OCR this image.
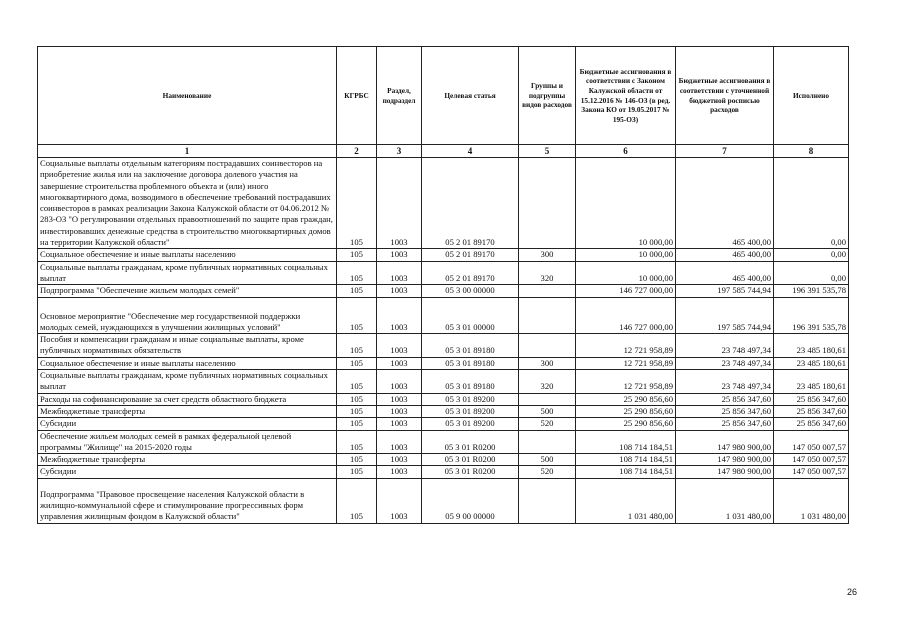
Наименование	КГРБС	Раздел, подраздел	Целевая статья	Группы и подгруппы видов расходов	Бюджетные ассигнования в соответствии с Законом Калужской области от 15.12.2016 № 146-ОЗ (в ред. Закона КО от 19.05.2017 № 195-ОЗ)	Бюджетные ассигнования в соответствии с уточненной бюджетной росписью расходов	Исполнено
1	2	3	4	5	6	7	8
Социальные выплаты отдельным категориям пострадавших соинвесторов на приобретение жилья или на заключение договора долевого участия на завершение строительства проблемного объекта и (или) иного многоквартирного дома, возводимого в обеспечение требований пострадавших соинвесторов в рамках реализации Закона Калужской области от 04.06.2012 № 283-ОЗ "О регулировании отдельных правоотношений по защите прав граждан, инвестировавших денежные средства в строительство многоквартирных домов на территории Калужской области"	105	1003	05 2 01 89170		10 000,00	465 400,00	0,00
Социальное обеспечение и иные выплаты населению	105	1003	05 2 01 89170	300	10 000,00	465 400,00	0,00
Социальные выплаты гражданам, кроме публичных нормативных социальных выплат	105	1003	05 2 01 89170	320	10 000,00	465 400,00	0,00
Подпрограмма "Обеспечение жильем молодых семей"	105	1003	05 3 00 00000		146 727 000,00	197 585 744,94	196 391 535,78
Основное мероприятие "Обеспечение мер государственной поддержки молодых семей, нуждающихся в улучшении жилищных условий"	105	1003	05 3 01 00000		146 727 000,00	197 585 744,94	196 391 535,78
Пособия и компенсации гражданам и иные социальные выплаты, кроме публичных нормативных обязательств	105	1003	05 3 01 89180		12 721 958,89	23 748 497,34	23 485 180,61
Социальное обеспечение и иные выплаты населению	105	1003	05 3 01 89180	300	12 721 958,89	23 748 497,34	23 485 180,61
Социальные выплаты гражданам, кроме публичных нормативных социальных выплат	105	1003	05 3 01 89180	320	12 721 958,89	23 748 497,34	23 485 180,61
Расходы на софинансирование за счет средств областного бюджета	105	1003	05 3 01 89200		25 290 856,60	25 856 347,60	25 856 347,60
Межбюджетные трансферты	105	1003	05 3 01 89200	500	25 290 856,60	25 856 347,60	25 856 347,60
Субсидии	105	1003	05 3 01 89200	520	25 290 856,60	25 856 347,60	25 856 347,60
Обеспечение жильем молодых семей в рамках федеральной целевой программы "Жилище" на 2015-2020 годы	105	1003	05 3 01 R0200		108 714 184,51	147 980 900,00	147 050 007,57
Межбюджетные трансферты	105	1003	05 3 01 R0200	500	108 714 184,51	147 980 900,00	147 050 007,57
Субсидии	105	1003	05 3 01 R0200	520	108 714 184,51	147 980 900,00	147 050 007,57
Подпрограмма "Правовое просвещение населения Калужской области в жилищно-коммунальной сфере и стимулирование прогрессивных форм управления жилищным фондом в Калужской области"	105	1003	05 9 00 00000		1 031 480,00	1 031 480,00	1 031 480,00
26
